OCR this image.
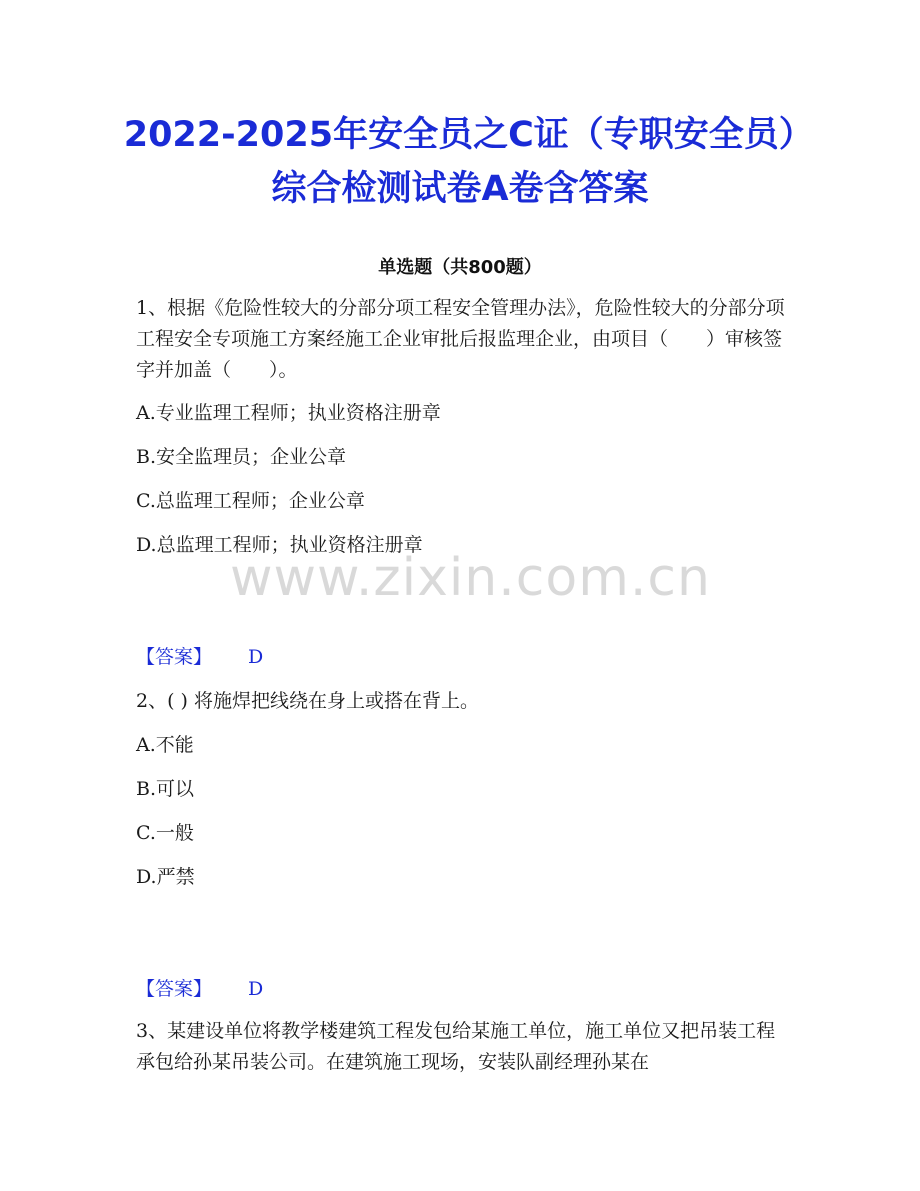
2022-2025年安全员之C证（专职安全员）综合检测试卷A卷含答案
单选题（共800题）

1、根据《危险性较大的分部分项工程安全管理办法》，危险性较大的分部分项工程安全专项施工方案经施工企业审批后报监理企业，由项目（　　）审核签字并加盖（　　）。

A.专业监理工程师；执业资格注册章

B.安全监理员；企业公章

C.总监理工程师；企业公章

D.总监理工程师；执业资格注册章

www.zixin.com.cn
【答案】 D

2、( ) 将施焊把线绕在身上或搭在背上。

A.不能

B.可以

C.一般

D.严禁

【答案】 D

3、某建设单位将教学楼建筑工程发包给某施工单位，施工单位又把吊装工程承包给孙某吊装公司。在建筑施工现场，安装队副经理孙某在
